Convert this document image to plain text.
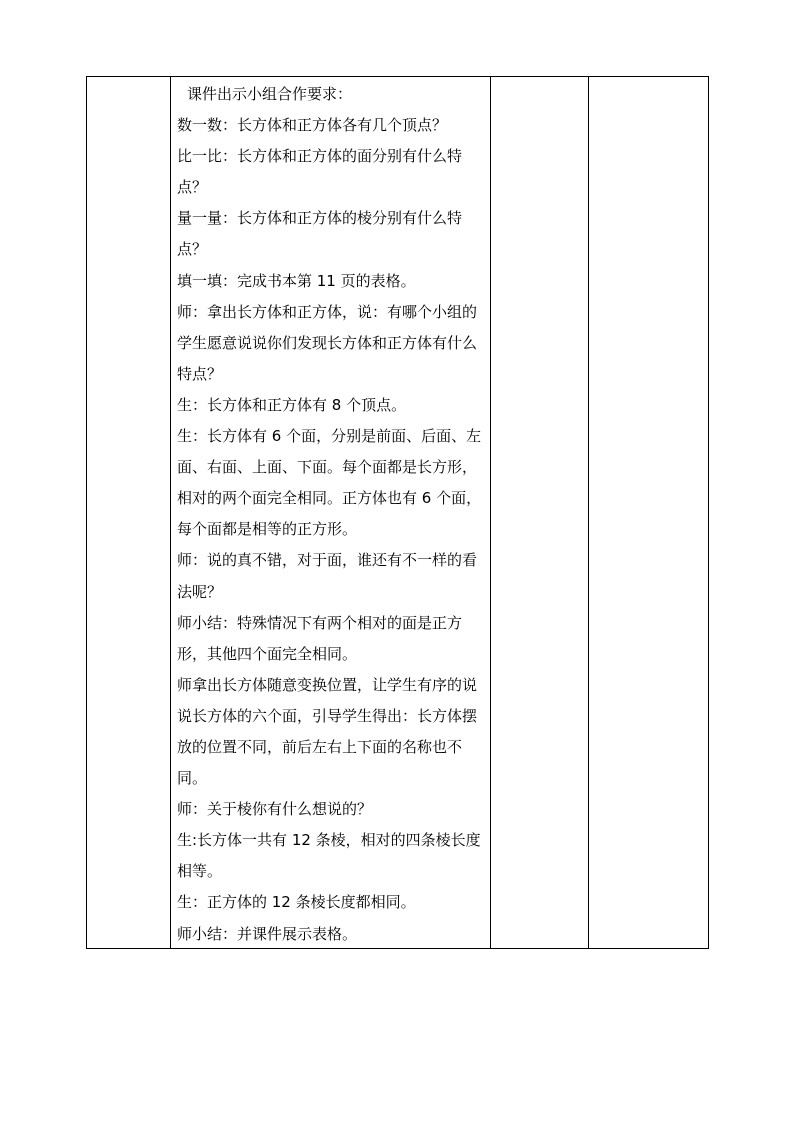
课件出示小组合作要求：

数一数：长方体和正方体各有几个顶点？

比一比：长方体和正方体的面分别有什么特点？

量一量：长方体和正方体的棱分别有什么特点？

填一填：完成书本第 11 页的表格。

师：拿出长方体和正方体，说：有哪个小组的学生愿意说说你们发现长方体和正方体有什么特点？

生：长方体和正方体有 8 个顶点。

生：长方体有 6 个面，分别是前面、后面、左面、右面、上面、下面。每个面都是长方形，相对的两个面完全相同。正方体也有 6 个面，每个面都是相等的正方形。

师：说的真不错，对于面，谁还有不一样的看法呢？

师小结：特殊情况下有两个相对的面是正方形，其他四个面完全相同。

师拿出长方体随意变换位置，让学生有序的说说长方体的六个面，引导学生得出：长方体摆放的位置不同，前后左右上下面的名称也不同。

师：关于棱你有什么想说的？

生:长方体一共有 12 条棱，相对的四条棱长度相等。

生：正方体的 12 条棱长度都相同。

师小结：并课件展示表格。
